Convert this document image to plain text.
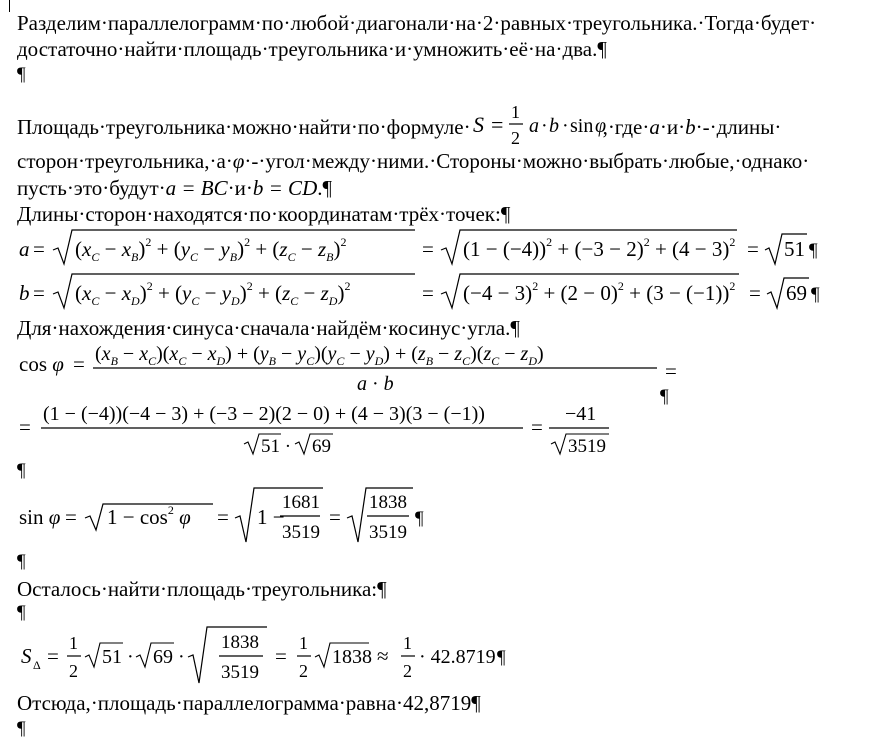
Разделим·параллелограмм·по·любой·диагонали·на·2·равных·треугольника.·Тогда·будет·
достаточно·найти·площадь·треугольника·и·умножить·её·на·два.¶
¶
Площадь·треугольника·можно·найти·по·формуле· S = 1
2
a · b · sin φ
,·где·a·и·b·-·длины·
сторон·треугольника,·а·φ·-·угол·между·ними.·Стороны·можно·выбрать·любые,·однако·
пусть·это·будут·a = BC·и·b = CD.¶
Длины·сторон·находятся·по·координатам·трёх·точек:¶
$a = (x_C - x_B)^2 + (y_C - y_B)^2 + (z_C - z_B)^2$	= $(1 - (-4))^2 + (-3 - 2)^2 + (4 - 3)^2 = 51$ ¶
$b = (x_C - x_D)^2 + (y_C - y_D)^2 + (z_C - z_D)^2$	= $(-4 - 3)^2 + (2 - 0)^2 + (3 - (-1))^2 = 69$ ¶
Для·нахождения·синуса·сначала·найдём·косинус·угла.¶
$\cos \varphi = (x_B - x_C)(x_C - x_D) + (y_B - y_C)(y_C - y_D) + (z_B - z_C)(z_C - z_D)$
a · b
=
¶
=
(1 − (−4))(−4 − 3) + (−3 − 2)(2 − 0) + (4 − 3)(3 − (−1))
51 · 69
=
−41
3519
¶
$\sin \varphi = 1 - \cos^2 \varphi = 1$ −
1681
3519
=
1838
3519
¶
¶
Осталось·найти·площадь·треугольника:¶
¶
S Δ =
1
2
51 · 69 ·
1838
3519
=
1
2
1838 ≈
1
2
· 42.8719 ¶
Отсюда,·площадь·параллелограмма·равна·42,8719¶
¶
